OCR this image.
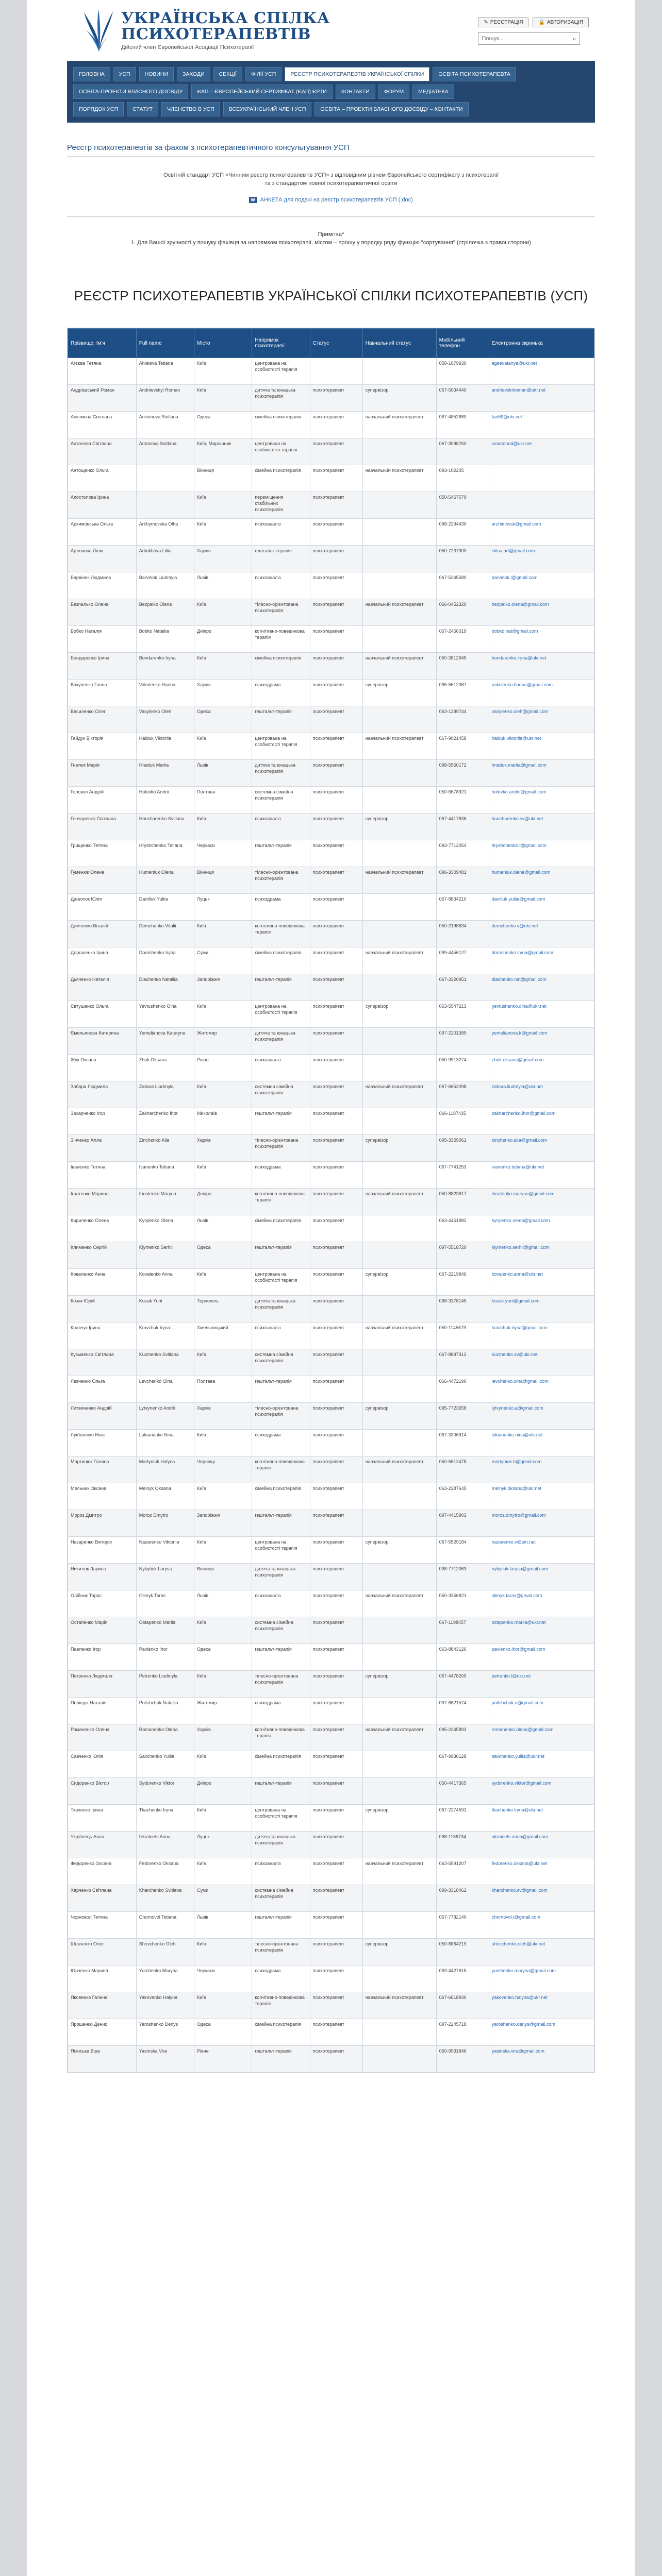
УКРАЇНСЬКА СПІЛКА
ПСИХОТЕРАПЕВТІВ
Дійсний член Європейської Асоціації Психотерапії
✎ РЕЄСТРАЦІЯ	🔒 АВТОРИЗАЦІЯ
Пошук...
⌕
ГОЛОВНА	УСП	НОВИНИ	ЗАХОДИ	СЕКЦІЇ	ФІЛІЇ УСП	РЕЄСТР ПСИХОТЕРАПЕВТІВ УКРАЇНСЬКОЇ СПІЛКИ	ОСВІТА ПСИХОТЕРАПЕВТА
ОСВІТА-ПРОЕКТИ ВЛАСНОГО ДОСВІДУ	ЄАП – ЄВРОПЕЙСЬКИЙ СЕРТИФІКАТ (ЄАП) ЄРТИ	КОНТАКТИ	ФОРУМ	МЕДІАТЕКА
ПОРЯДОК УСП	СТАТУТ	ЧЛЕНСТВО В УСП	ВСЕУКРАЇНСЬКИЙ ЧЛЕН УСП	ОСВІТА – ПРОЕКТИ ВЛАСНОГО ДОСВІДУ – КОНТАКТИ
Реєстр психотерапевтів за фахом з психотерапевтичного консультування УСП
Освітній стандарт УСП «Чинним реєстр психотерапевтів УСП» з відповідним рівнем Європейського сертифікату з психотерапії
та з стандартом повної психотерапевтичної освіти
W АНКЕТА для подачі на реєстр психотерапевтів УСП (.doc)
Примітка*
1. Для Вашої зручності у пошуку фахівця за напрямком психотерапії, містом – прошу у порядку ряду функцію "сортування" (стрілочка з правої сторони)
РЕЄСТР ПСИХОТЕРАПЕВТІВ УКРАЇНСЬКОЇ СПІЛКИ ПСИХОТЕРАПЕВТІВ (УСП)
Прізвище, Ім'я	Full name	Місто	Напрямок психотерапії	Статус	Навчальний статус	Мобільний телефон	Електронна скринька
Агєєва Тетяна	Ahieieva Tetiana	Київ	центрована на особистості терапія			050-1079930	ageevatanya@ukr.net
Андрієвський Роман	Andriievskyi Roman	Київ	дитяча та юнацька психотерапія	психотерапевт	супервізор	067-5034440	andrievskiiroman@ukr.net
Анісімова Світлана	Anisimova Svitlana	Одеса	сімейна психотерапія	психотерапевт	навчальний психотерапевт	067-4852880	fan59@ukr.net
Антонова Світлана	Antonova Svitlana	Київ, Мирошник	центрована на особистості терапія	психотерапевт		067-3098760	svantonn4@ukr.net
Антощенко Ольга		Вінниця	сімейна психотерапія	психотерапевт	навчальний психотерапевт	093-102205	
Апостолова Ірина		Київ	переміщення стабільних психотерапія	психотерапевт		050-5467579	
Архимовська Ольга	Arkhymovska Olha	Київ	психоаналіз	психотерапевт		098-2294430	archimovsk@gmail.com
Артюхова Лілія	Artiukhova Liliia	Харків	гештальт-терапія	психотерапевт		050-7237300	lalisa.art@gmail.com
Барвінок Людмила	Barvinok Liudmyla	Львів	психоаналіз	психотерапевт		067-5245580	barvinok.l@gmail.com
Безпалько Олена	Bezpalko Olena	Київ	тілесно-орієнтована психотерапія	психотерапевт	навчальний психотерапевт	066-0452320	bezpalko.olena@gmail.com
Бобко Наталія	Bobko Nataliia	Дніпро	когнітивно-поведінкова терапія	психотерапевт		067-2456019	bobko.nat@gmail.com
Бондаренко Ірина	Bondarenko Iryna	Київ	сімейна психотерапія	психотерапевт	навчальний психотерапевт	050-3812945	bondarenko.iryna@ukr.net
Вакуленко Ганна	Vakulenko Hanna	Харків	психодрама	психотерапевт	супервізор	095-6612387	vakulenko.hanna@gmail.com
Василенко Олег	Vasylenko Oleh	Одеса	гештальт-терапія	психотерапевт		063-1289744	vasylenko.oleh@gmail.com
Гайдук Вікторія	Haiduk Viktoriia	Київ	центрована на особистості терапія	психотерапевт	навчальний психотерапевт	067-9021458	haiduk.viktoriia@ukr.net
Гнатюк Марія	Hnatiuk Mariia	Львів	дитяча та юнацька психотерапія	психотерапевт		098-5560172	hnatiuk.mariia@gmail.com
Головко Андрій	Holovko Andrii	Полтава	системна сімейна психотерапія	психотерапевт		050-6678921	holovko.andrii@gmail.com
Гончаренко Світлана	Honcharenko Svitlana	Київ	психоаналіз	психотерапевт	супервізор	067-4417836	honcharenko.sv@ukr.net
Грищенко Тетяна	Hryshchenko Tetiana	Черкаси	гештальт-терапія	психотерапевт		093-7712054	hryshchenko.t@gmail.com
Гуменюк Олена	Humeniuk Olena	Вінниця	тілесно-орієнтована психотерапія	психотерапевт	навчальний психотерапевт	096-3309481	humeniuk.olena@gmail.com
Данилюк Юлія	Daniliuk Yuliia	Луцьк	психодрама	психотерапевт		067-8834210	daniliuk.yuliia@gmail.com
Демченко Віталій	Demchenko Vitalii	Київ	когнітивно-поведінкова терапія	психотерапевт		050-2198634	demchenko.v@ukr.net
Дорошенко Ірина	Doroshenko Iryna	Суми	сімейна психотерапія	психотерапевт	навчальний психотерапевт	099-4456127	doroshenko.iryna@gmail.com
Дьяченко Наталія	Diachenko Nataliia	Запоріжжя	гештальт-терапія	психотерапевт		067-3320951	diachenko.nat@gmail.com
Євтушенко Ольга	Yevtushenko Olha	Київ	центрована на особистості терапія	психотерапевт	супервізор	063-5547213	yevtushenko.olha@ukr.net
Ємельянова Катерина	Yemelianova Kateryna	Житомир	дитяча та юнацька психотерапія	психотерапевт		097-2201389	yemelianova.k@gmail.com
Жук Оксана	Zhuk Oksana	Рівне	психоаналіз	психотерапевт		050-9913274	zhuk.oksana@gmail.com
Забара Людмила	Zabara Liudmyla	Київ	системна сімейна психотерапія	психотерапевт	навчальний психотерапевт	067-6652098	zabara.liudmyla@ukr.net
Захарченко Ігор	Zakharchenko Ihor	Миколаїв	гештальт-терапія	психотерапевт		066-1187435	zakharchenko.ihor@gmail.com
Зінченко Алла	Zinchenko Alla	Харків	тілесно-орієнтована психотерапія	психотерапевт	супервізор	095-3329061	zinchenko.alla@gmail.com
Іваненко Тетяна	Ivanenko Tetiana	Київ	психодрама	психотерапевт		067-7741253	ivanenko.tetiana@ukr.net
Ігнатенко Марина	Ihnatenko Maryna	Дніпро	когнітивно-поведінкова терапія	психотерапевт	навчальний психотерапевт	050-8823617	ihnatenko.maryna@gmail.com
Кириленко Олена	Kyrylenko Olena	Львів	сімейна психотерапія	психотерапевт		063-4451982	kyrylenko.olena@gmail.com
Клименко Сергій	Klymenko Serhii	Одеса	гештальт-терапія	психотерапевт		097-5518720	klymenko.serhii@gmail.com
Коваленко Анна	Kovalenko Anna	Київ	центрована на особистості терапія	психотерапевт	супервізор	067-2219846	kovalenko.anna@ukr.net
Козак Юрій	Kozak Yurii	Тернопіль	дитяча та юнацька психотерапія	психотерапевт		098-3378145	kozak.yurii@gmail.com
Кравчук Ірина	Kravchuk Iryna	Хмельницький	психоаналіз	психотерапевт	навчальний психотерапевт	050-1145679	kravchuk.iryna@gmail.com
Кузьменко Світлана	Kuzmenko Svitlana	Київ	системна сімейна психотерапія	психотерапевт		067-8897312	kuzmenko.sv@ukr.net
Левченко Ольга	Levchenko Olha	Полтава	гештальт-терапія	психотерапевт		066-4472190	levchenko.olha@gmail.com
Литвиненко Андрій	Lytvynenko Andrii	Харків	тілесно-орієнтована психотерапія	психотерапевт	супервізор	095-7723658	lytvynenko.a@gmail.com
Лук'яненко Ніна	Lukianenko Nina	Київ	психодрама	психотерапевт		067-3306914	lukianenko.nina@ukr.net
Мартинюк Галина	Martyniuk Halyna	Чернівці	когнітивно-поведінкова терапія	психотерапевт	навчальний психотерапевт	050-6612478	martyniuk.h@gmail.com
Мельник Оксана	Melnyk Oksana	Київ	сімейна психотерапія	психотерапевт		063-2287645	melnyk.oksana@ukr.net
Мороз Дмитро	Moroz Dmytro	Запоріжжя	гештальт-терапія	психотерапевт		097-4415903	moroz.dmytro@gmail.com
Назаренко Вікторія	Nazarenko Viktoriia	Київ	центрована на особистості терапія	психотерапевт	супервізор	067-5529184	nazarenko.v@ukr.net
Никитюк Лариса	Nykytiuk Larysa	Вінниця	дитяча та юнацька психотерапія	психотерапевт		098-7712063	nykytiuk.larysa@gmail.com
Олійник Тарас	Oliinyk Taras	Львів	психоаналіз	психотерапевт	навчальний психотерапевт	050-3356821	oliinyk.taras@gmail.com
Остапенко Марія	Ostapenko Mariia	Київ	системна сімейна психотерапія	психотерапевт		067-1198457	ostapenko.mariia@ukr.net
Павленко Ігор	Pavlenko Ihor	Одеса	гештальт-терапія	психотерапевт		063-8843126	pavlenko.ihor@gmail.com
Петренко Людмила	Petrenko Liudmyla	Київ	тілесно-орієнтована психотерапія	психотерапевт	супервізор	067-4478209	petrenko.l@ukr.net
Поліщук Наталія	Polishchuk Nataliia	Житомир	психодрама	психотерапевт		097-6621574	polishchuk.n@gmail.com
Романенко Олена	Romanenko Olena	Харків	когнітивно-поведінкова терапія	психотерапевт	навчальний психотерапевт	095-2245893	romanenko.olena@gmail.com
Савченко Юлія	Savchenko Yuliia	Київ	сімейна психотерапія	психотерапевт		067-9936128	savchenko.yuliia@ukr.net
Сидоренко Віктор	Sydorenko Viktor	Дніпро	гештальт-терапія	психотерапевт		050-4417365	sydorenko.viktor@gmail.com
Ткаченко Ірина	Tkachenko Iryna	Київ	центрована на особистості терапія	психотерапевт	супервізор	067-2274591	tkachenko.iryna@ukr.net
Українець Анна	Ukrainets Anna	Луцьк	дитяча та юнацька психотерапія	психотерапевт		098-1156734	ukrainets.anna@gmail.com
Федоренко Оксана	Fedorenko Oksana	Київ	психоаналіз	психотерапевт	навчальний психотерапевт	063-5591207	fedorenko.oksana@ukr.net
Харченко Світлана	Kharchenko Svitlana	Суми	системна сімейна психотерапія	психотерапевт		099-3318462	kharchenko.sv@gmail.com
Чорновол Тетяна	Chornovol Tetiana	Львів	гештальт-терапія	психотерапевт		067-7782140	chornovol.t@gmail.com
Шевченко Олег	Shevchenko Oleh	Київ	тілесно-орієнтована психотерапія	психотерапевт	супервізор	050-8864219	shevchenko.oleh@ukr.net
Юрченко Марина	Yurchenko Maryna	Черкаси	психодрама	психотерапевт		093-4427615	yurchenko.maryna@gmail.com
Яковенко Галина	Yakovenko Halyna	Київ	когнітивно-поведінкова терапія	психотерапевт	навчальний психотерапевт	067-6618930	yakovenko.halyna@ukr.net
Ярошенко Денис	Yaroshenko Denys	Одеса	сімейна психотерапія	психотерапевт		097-2245718	yaroshenko.denys@gmail.com
Ясінська Віра	Yasinska Vira	Рівне	гештальт-терапія	психотерапевт		050-9931846	yasinska.vira@gmail.com
